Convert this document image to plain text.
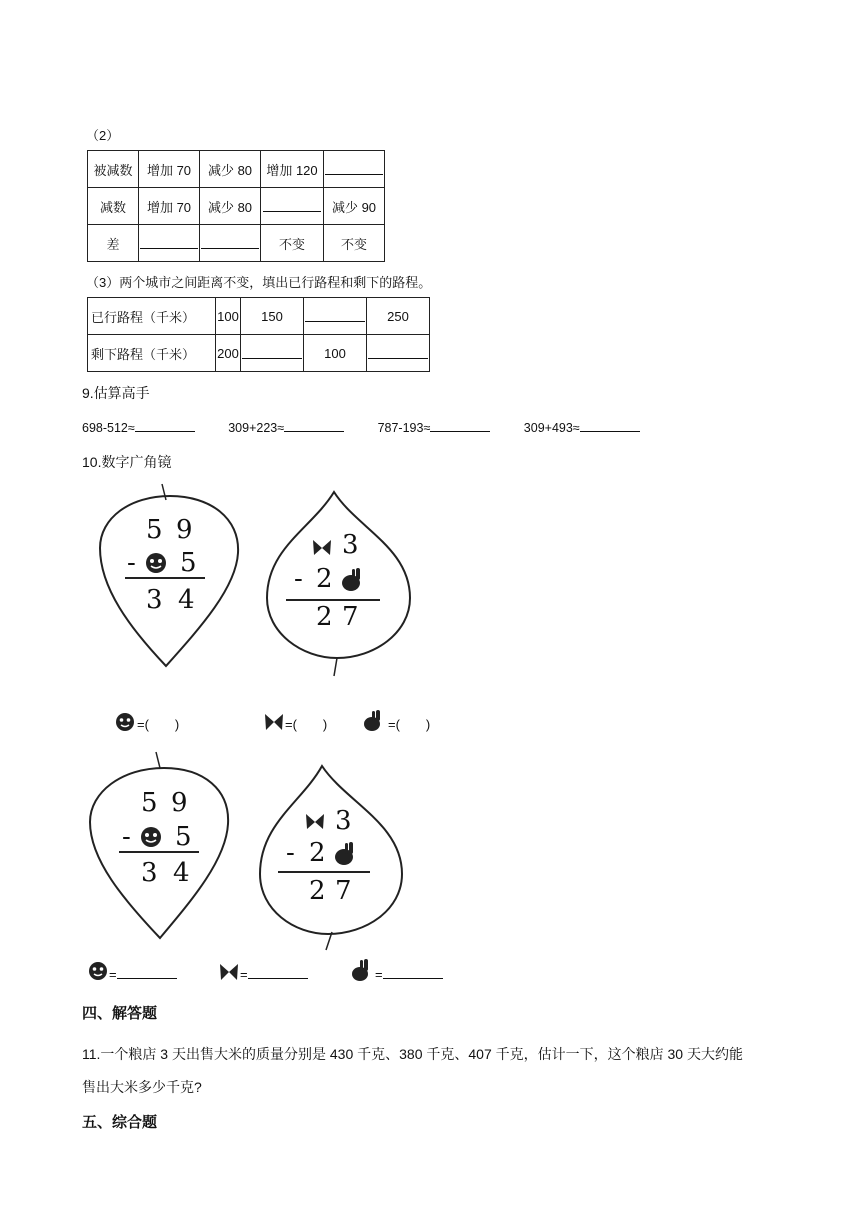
（2）
被减数	增加 70	减少 80	增加 120	
减数	增加 70	减少 80		减少 90
差			不变	不变
（3）两个城市之间距离不变，填出已行路程和剩下的路程。
已行路程（千米）	100	150		250
剩下路程（千米）	200		100	
9.估算高手
698-512≈	309+223≈	787-193≈	309+493≈
10.数字广角镜
5 9
- 5
3 4
3
- 2
2 7
=(　　)	=(　　)	=(　　)
5 9
- 5
3 4
3
- 2
2 7
=	=	=
四、解答题
11.一个粮店 3 天出售大米的质量分别是 430 千克、380 千克、407 千克，估计一下，这个粮店 30 天大约能
售出大米多少千克?
五、综合题
